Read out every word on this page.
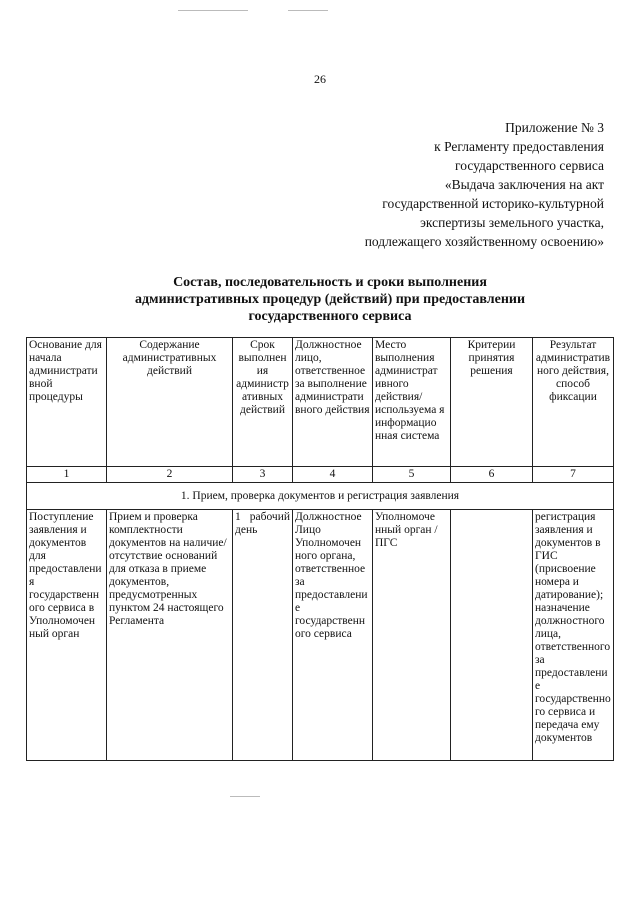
26
Приложение № 3
к Регламенту предоставления
государственного сервиса
«Выдача заключения на акт
государственной историко-культурной
экспертизы земельного участка,
подлежащего хозяйственному освоению»
Состав, последовательность и сроки выполнения
административных процедур (действий) при предоставлении
государственного сервиса
Основание для начала администрати вной процедуры	Содержание административных действий	Срок выполнен ия администр ативных действий	Должностное лицо, ответственное за выполнение администрати вного действия	Место выполнения администрат ивного действия/ используема я информацио нная система	Критерии принятия решения	Результат административ ного действия, способ фиксации
1	2	3	4	5	6	7
1. Прием, проверка документов и регистрация заявления						
Поступление заявления и документов для предоставлени я государственн ого сервиса в Уполномочен ный орган	Прием и проверка комплектности документов на наличие/отсутствие оснований для отказа в приеме документов, предусмотренных пунктом 24 настоящего Регламента	1 рабочий день	Должностное Лицо Уполномочен ного органа, ответственное за предоставлени е государственн ого сервиса	Уполномоче нный орган / ПГС		регистрация заявления и документов в ГИС (присвоение номера и датирование); назначение должностного лица, ответственного за предоставление государственно го сервиса и передача ему документов
